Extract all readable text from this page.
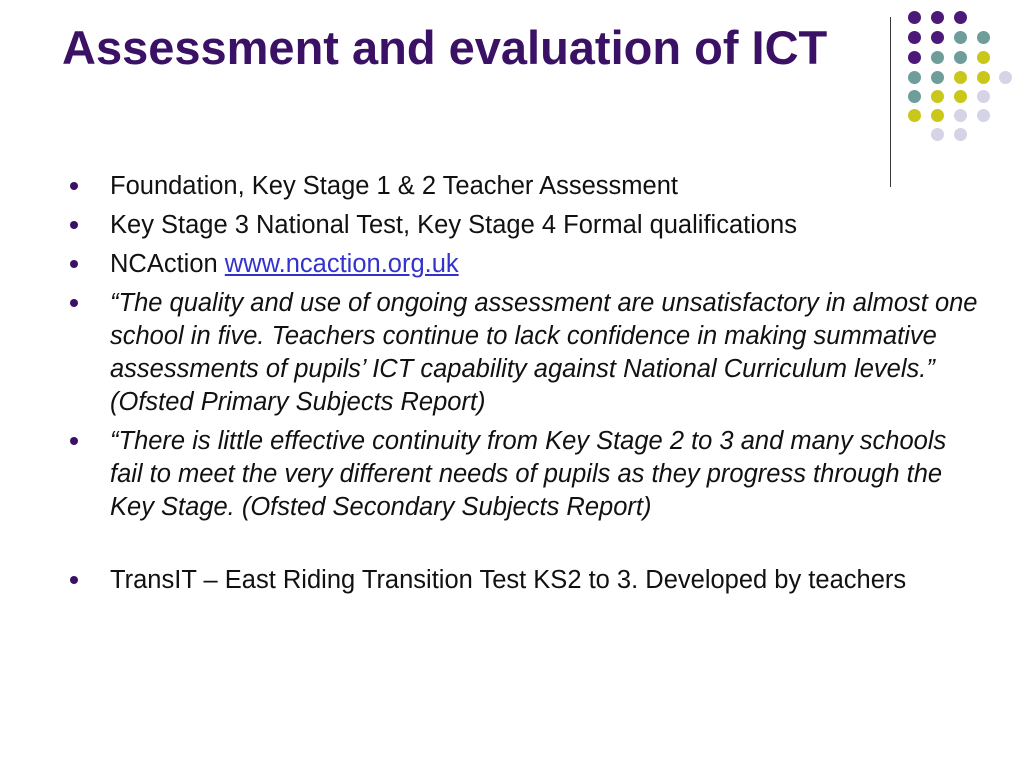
Assessment and evaluation of ICT
Foundation, Key Stage 1 & 2 Teacher Assessment
Key Stage 3 National Test, Key Stage 4 Formal qualifications
NCAction www.ncaction.org.uk
“The quality and use of ongoing assessment are unsatisfactory in almost one school in five. Teachers continue to lack confidence in making summative assessments of pupils’ ICT capability against National Curriculum levels.” (Ofsted Primary Subjects Report)
“There is little effective continuity from Key Stage 2 to 3 and many schools fail to meet the very different needs of pupils as they progress through the Key Stage. (Ofsted Secondary Subjects Report)
TransIT – East Riding Transition Test KS2 to 3. Developed by teachers
